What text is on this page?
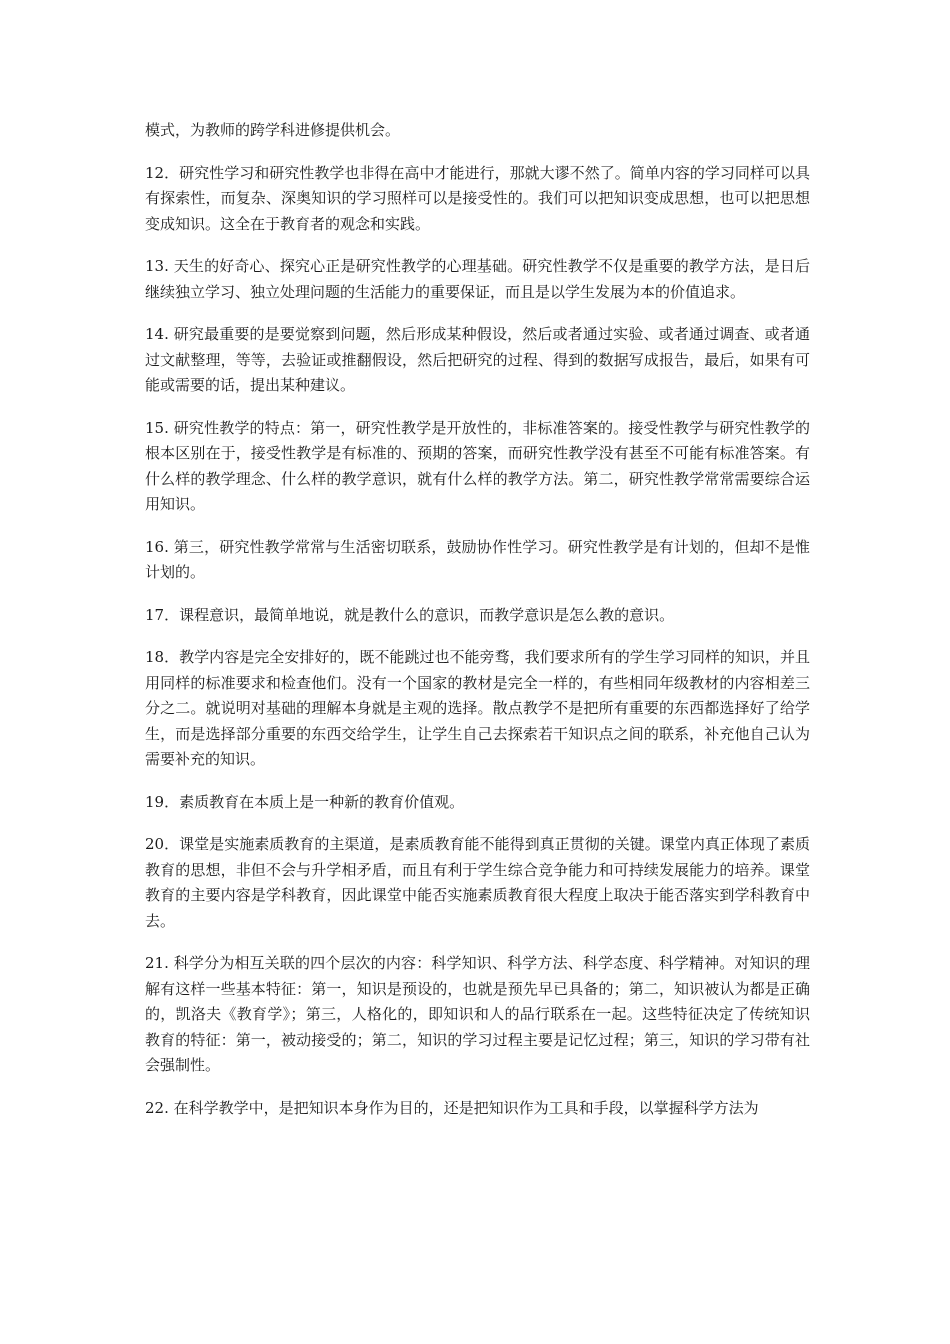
模式，为教师的跨学科进修提供机会。

12．研究性学习和研究性教学也非得在高中才能进行，那就大谬不然了。简单内容的学习同样可以具有探索性，而复杂、深奥知识的学习照样可以是接受性的。我们可以把知识变成思想，也可以把思想变成知识。这全在于教育者的观念和实践。

13. 天生的好奇心、探究心正是研究性教学的心理基础。研究性教学不仅是重要的教学方法，是日后继续独立学习、独立处理问题的生活能力的重要保证，而且是以学生发展为本的价值追求。

14. 研究最重要的是要觉察到问题，然后形成某种假设，然后或者通过实验、或者通过调查、或者通过文献整理，等等，去验证或推翻假设，然后把研究的过程、得到的数据写成报告，最后，如果有可能或需要的话，提出某种建议。

15. 研究性教学的特点：第一，研究性教学是开放性的，非标准答案的。接受性教学与研究性教学的根本区别在于，接受性教学是有标准的、预期的答案，而研究性教学没有甚至不可能有标准答案。有什么样的教学理念、什么样的教学意识，就有什么样的教学方法。第二，研究性教学常常需要综合运用知识。

16. 第三，研究性教学常常与生活密切联系，鼓励协作性学习。研究性教学是有计划的，但却不是惟计划的。

17．课程意识，最简单地说，就是教什么的意识，而教学意识是怎么教的意识。

18．教学内容是完全安排好的，既不能跳过也不能旁骛，我们要求所有的学生学习同样的知识，并且用同样的标准要求和检查他们。没有一个国家的教材是完全一样的，有些相同年级教材的内容相差三分之二。就说明对基础的理解本身就是主观的选择。散点教学不是把所有重要的东西都选择好了给学生，而是选择部分重要的东西交给学生，让学生自己去探索若干知识点之间的联系，补充他自己认为需要补充的知识。

19．素质教育在本质上是一种新的教育价值观。

20．课堂是实施素质教育的主渠道，是素质教育能不能得到真正贯彻的关键。课堂内真正体现了素质教育的思想，非但不会与升学相矛盾，而且有利于学生综合竞争能力和可持续发展能力的培养。课堂教育的主要内容是学科教育，因此课堂中能否实施素质教育很大程度上取决于能否落实到学科教育中去。

21. 科学分为相互关联的四个层次的内容：科学知识、科学方法、科学态度、科学精神。对知识的理解有这样一些基本特征：第一，知识是预设的，也就是预先早已具备的；第二，知识被认为都是正确的，凯洛夫《教育学》；第三，人格化的，即知识和人的品行联系在一起。这些特征决定了传统知识教育的特征：第一，被动接受的；第二，知识的学习过程主要是记忆过程；第三，知识的学习带有社会强制性。

22. 在科学教学中，是把知识本身作为目的，还是把知识作为工具和手段，以掌握科学方法为
